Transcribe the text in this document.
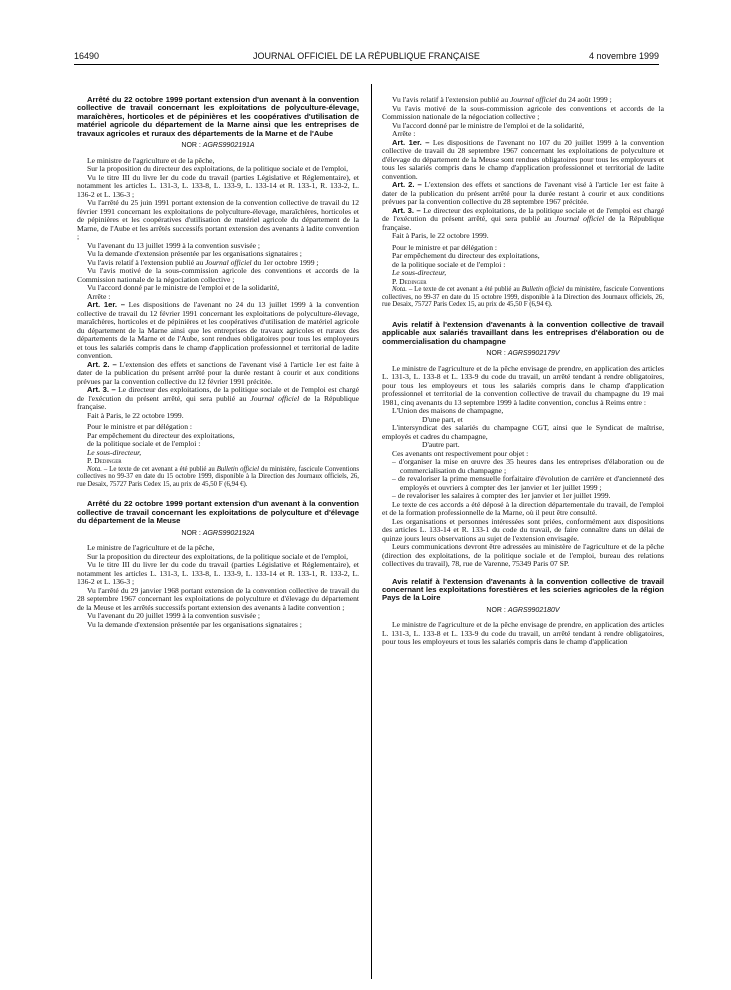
16490	JOURNAL OFFICIEL DE LA RÉPUBLIQUE FRANÇAISE	4 novembre 1999

Arrêté du 22 octobre 1999 portant extension d'un avenant à la convention collective de travail concernant les exploitations de polyculture-élevage, maraîchères, horticoles et de pépinières et les coopératives d'utilisation de matériel agricole du département de la Marne ainsi que les entreprises de travaux agricoles et ruraux des départements de la Marne et de l'Aube

NOR : AGRS9902191A

Le ministre de l'agriculture et de la pêche,

Sur la proposition du directeur des exploitations, de la politique sociale et de l'emploi,

Vu le titre III du livre Ier du code du travail (parties Législative et Réglementaire), et notamment les articles L. 131-3, L. 133-8, L. 133-9, L. 133-14 et R. 133-1, R. 133-2, L. 136-2 et L. 136-3 ;

Vu l'arrêté du 25 juin 1991 portant extension de la convention collective de travail du 12 février 1991 concernant les exploitations de polyculture-élevage, maraîchères, horticoles et de pépinières et les coopératives d'utilisation de matériel agricole du département de la Marne, de l'Aube et les arrêtés successifs portant extension des avenants à ladite convention ;

Vu l'avenant du 13 juillet 1999 à la convention susvisée ;

Vu la demande d'extension présentée par les organisations signataires ;

Vu l'avis relatif à l'extension publié au Journal officiel du 1er octobre 1999 ;

Vu l'avis motivé de la sous-commission agricole des conventions et accords de la Commission nationale de la négociation collective ;

Vu l'accord donné par le ministre de l'emploi et de la solidarité,

Arrête :

Art. 1er. – Les dispositions de l'avenant no 24 du 13 juillet 1999 à la convention collective de travail du 12 février 1991 concernant les exploitations de polyculture-élevage, maraîchères, horticoles et de pépinières et les coopératives d'utilisation de matériel agricole du département de la Marne ainsi que les entreprises de travaux agricoles et ruraux des départements de la Marne et de l'Aube, sont rendues obligatoires pour tous les employeurs et tous les salariés compris dans le champ d'application professionnel et territorial de ladite convention.

Art. 2. – L'extension des effets et sanctions de l'avenant visé à l'article 1er est faite à dater de la publication du présent arrêté pour la durée restant à courir et aux conditions prévues par la convention collective du 12 février 1991 précitée.

Art. 3. – Le directeur des exploitations, de la politique sociale et de l'emploi est chargé de l'exécution du présent arrêté, qui sera publié au Journal officiel de la République française.

Fait à Paris, le 22 octobre 1999.

Pour le ministre et par délégation :

Par empêchement du directeur des exploitations,

de la politique sociale et de l'emploi :

Le sous-directeur,

P. Dedinger

Nota. – Le texte de cet avenant a été publié au Bulletin officiel du ministère, fascicule Conventions collectives no 99-37 en date du 15 octobre 1999, disponible à la Direction des Journaux officiels, 26, rue Desaix, 75727 Paris Cedex 15, au prix de 45,50 F (6,94 €).

Arrêté du 22 octobre 1999 portant extension d'un avenant à la convention collective de travail concernant les exploitations de polyculture et d'élevage du département de la Meuse

NOR : AGRS9902192A

Le ministre de l'agriculture et de la pêche,

Sur la proposition du directeur des exploitations, de la politique sociale et de l'emploi,

Vu le titre III du livre Ier du code du travail (parties Législative et Réglementaire), et notamment les articles L. 131-3, L. 133-8, L. 133-9, L. 133-14 et R. 133-1, R. 133-2, L. 136-2 et L. 136-3 ;

Vu l'arrêté du 29 janvier 1968 portant extension de la convention collective de travail du 28 septembre 1967 concernant les exploitations de polyculture et d'élevage du département de la Meuse et les arrêtés successifs portant extension des avenants à ladite convention ;

Vu l'avenant du 20 juillet 1999 à la convention susvisée ;

Vu la demande d'extension présentée par les organisations signataires ;

Vu l'avis relatif à l'extension publié au Journal officiel du 24 août 1999 ;

Vu l'avis motivé de la sous-commission agricole des conventions et accords de la Commission nationale de la négociation collective ;

Vu l'accord donné par le ministre de l'emploi et de la solidarité,

Arrête :

Art. 1er. – Les dispositions de l'avenant no 107 du 20 juillet 1999 à la convention collective de travail du 28 septembre 1967 concernant les exploitations de polyculture et d'élevage du département de la Meuse sont rendues obligatoires pour tous les employeurs et tous les salariés compris dans le champ d'application professionnel et territorial de ladite convention.

Art. 2. – L'extension des effets et sanctions de l'avenant visé à l'article 1er est faite à dater de la publication du présent arrêté pour la durée restant à courir et aux conditions prévues par la convention collective du 28 septembre 1967 précitée.

Art. 3. – Le directeur des exploitations, de la politique sociale et de l'emploi est chargé de l'exécution du présent arrêté, qui sera publié au Journal officiel de la République française.

Fait à Paris, le 22 octobre 1999.

Pour le ministre et par délégation :

Par empêchement du directeur des exploitations,

de la politique sociale et de l'emploi :

Le sous-directeur,

P. Dedinger

Nota. – Le texte de cet avenant a été publié au Bulletin officiel du ministère, fascicule Conventions collectives, no 99-37 en date du 15 octobre 1999, disponible à la Direction des Journaux officiels, 26, rue Desaix, 75727 Paris Cedex 15, au prix de 45,50 F (6,94 €).

Avis relatif à l'extension d'avenants à la convention collective de travail applicable aux salariés travaillant dans les entreprises d'élaboration ou de commercialisation du champagne

NOR : AGRS9902179V

Le ministre de l'agriculture et de la pêche envisage de prendre, en application des articles L. 131-3, L. 133-8 et L. 133-9 du code du travail, un arrêté tendant à rendre obligatoires, pour tous les employeurs et tous les salariés compris dans le champ d'application professionnel et territorial de la convention collective de travail du champagne du 19 mai 1981, cinq avenants du 13 septembre 1999 à ladite convention, conclus à Reims entre :

L'Union des maisons de champagne,

D'une part, et

L'intersyndicat des salariés du champagne CGT, ainsi que le Syndicat de maîtrise, employés et cadres du champagne,

D'autre part.

Ces avenants ont respectivement pour objet :

– d'organiser la mise en œuvre des 35 heures dans les entreprises d'élaboration ou de commercialisation du champagne ;
– de revaloriser la prime mensuelle forfaitaire d'évolution de carrière et d'ancienneté des employés et ouvriers à compter des 1er janvier et 1er juillet 1999 ;
– de revaloriser les salaires à compter des 1er janvier et 1er juillet 1999.

Le texte de ces accords a été déposé à la direction départementale du travail, de l'emploi et de la formation professionnelle de la Marne, où il peut être consulté.

Les organisations et personnes intéressées sont priées, conformément aux dispositions des articles L. 133-14 et R. 133-1 du code du travail, de faire connaître dans un délai de quinze jours leurs observations au sujet de l'extension envisagée.

Leurs communications devront être adressées au ministère de l'agriculture et de la pêche (direction des exploitations, de la politique sociale et de l'emploi, bureau des relations collectives du travail), 78, rue de Varenne, 75349 Paris 07 SP.

Avis relatif à l'extension d'avenants à la convention collective de travail concernant les exploitations forestières et les scieries agricoles de la région Pays de la Loire

NOR : AGRS9902180V

Le ministre de l'agriculture et de la pêche envisage de prendre, en application des articles L. 131-3, L. 133-8 et L. 133-9 du code du travail, un arrêté tendant à rendre obligatoires, pour tous les employeurs et tous les salariés compris dans le champ d'application
